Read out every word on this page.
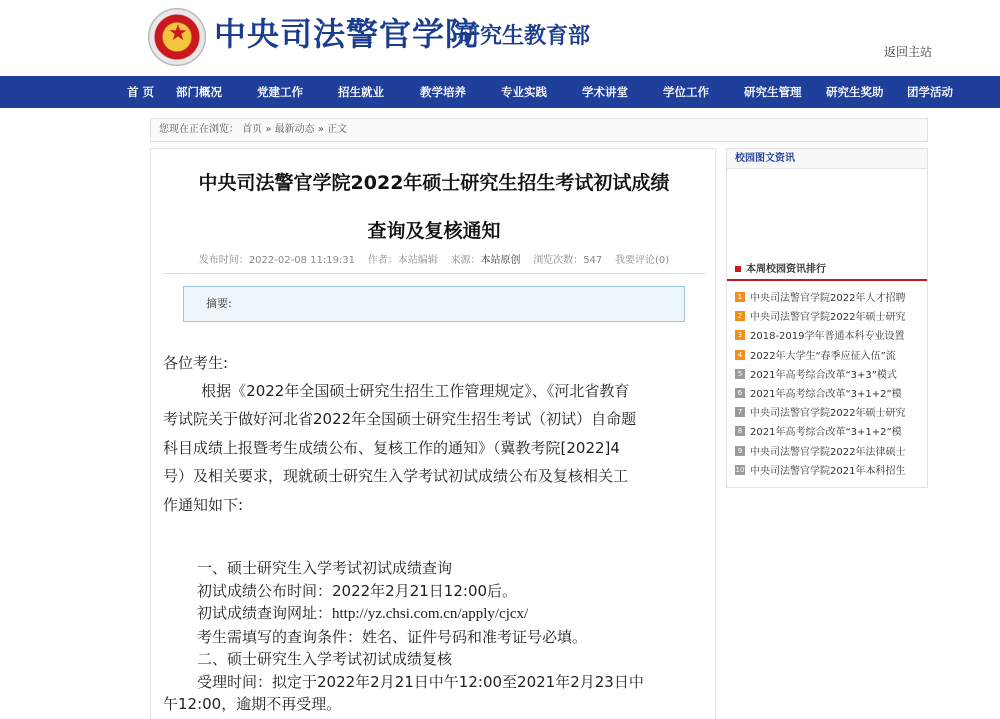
★ 中央司法警官学院
研究生教育部
返回主站
首 页 部门概况	党建工作	招生就业	教学培养	专业实践	学术讲堂	学位工作	研究生管理 研究生奖助 团学活动
您现在正在浏览： 首页 » 最新动态 » 正文
中央司法警官学院2022年硕士研究生招生考试初试成绩
查询及复核通知
发布时间：2022-02-08 11:19:31 作者：本站编辑 来源：本站原创 浏览次数：547 我要评论(0)
摘要:
各位考生:
根据《2022年全国硕士研究生招生工作管理规定》、《河北省教育
考试院关于做好河北省2022年全国硕士研究生招生考试（初试）自命题
科目成绩上报暨考生成绩公布、复核工作的通知》（冀教考院[2022]4
号）及相关要求，现就硕士研究生入学考试初试成绩公布及复核相关工
作通知如下:
一、硕士研究生入学考试初试成绩查询
初试成绩公布时间：2022年2月21日12:00后。
初试成绩查询网址：http://yz.chsi.com.cn/apply/cjcx/
考生需填写的查询条件：姓名、证件号码和准考证号必填。
二、硕士研究生入学考试初试成绩复核
受理时间：拟定于2022年2月21日中午12:00至2021年2月23日中
午12:00，逾期不再受理。
校园图文资讯
本周校园资讯排行
1 中央司法警官学院2022年人才招聘
2 中央司法警官学院2022年硕士研究
3 2018-2019学年普通本科专业设置
4 2022年大学生“春季应征入伍”流
5 2021年高考综合改革“3+3”模式
6 2021年高考综合改革“3+1+2”模
7 中央司法警官学院2022年硕士研究
8 2021年高考综合改革“3+1+2”模
9 中央司法警官学院2022年法律硕士
10 中央司法警官学院2021年本科招生
